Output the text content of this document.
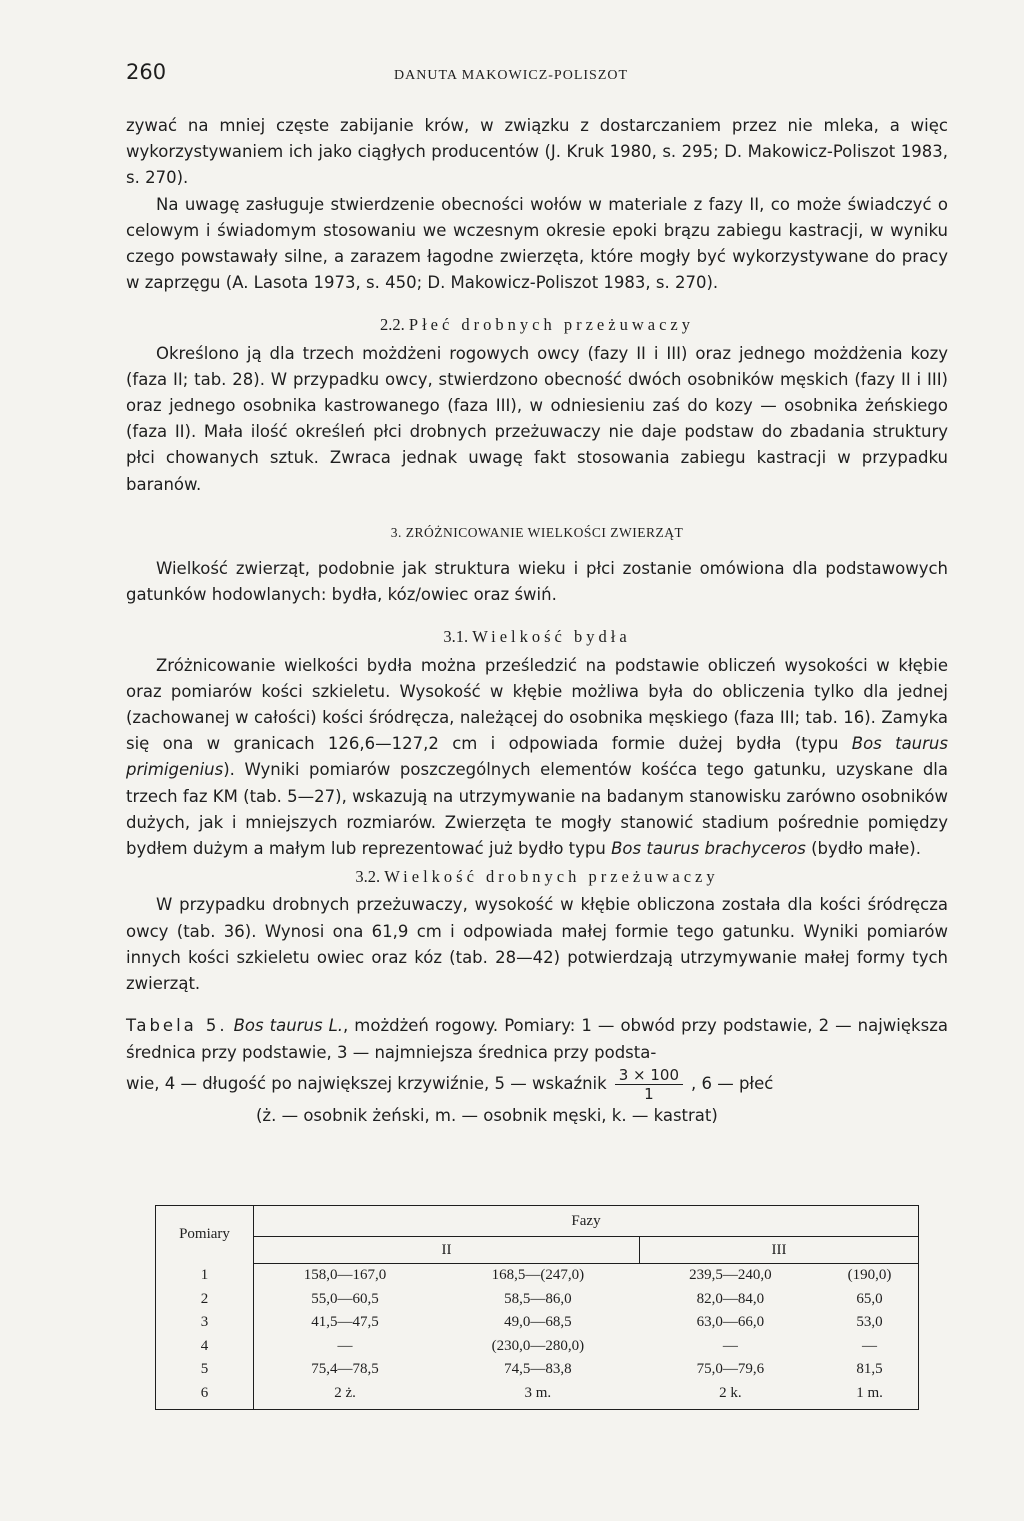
260	DANUTA MAKOWICZ-POLISZOT

zywać na mniej częste zabijanie krów, w związku z dostarczaniem przez nie mleka, a więc wykorzystywaniem ich jako ciągłych producentów (J. Kruk 1980, s. 295; D. Makowicz-Poliszot 1983, s. 270).

Na uwagę zasługuje stwierdzenie obecności wołów w materiale z fazy II, co może świadczyć o celowym i świadomym stosowaniu we wczesnym okresie epoki brązu zabiegu kastracji, w wyniku czego powstawały silne, a zarazem łagodne zwierzęta, które mogły być wykorzystywane do pracy w zaprzęgu (A. Lasota 1973, s. 450; D. Makowicz-Poliszot 1983, s. 270).

2.2. Płeć drobnych przeżuwaczy

Określono ją dla trzech możdżeni rogowych owcy (fazy II i III) oraz jednego możdżenia kozy (faza II; tab. 28). W przypadku owcy, stwierdzono obecność dwóch osobników męskich (fazy II i III) oraz jednego osobnika kastrowanego (faza III), w odniesieniu zaś do kozy — osobnika żeńskiego (faza II). Mała ilość określeń płci drobnych przeżuwaczy nie daje podstaw do zbadania struktury płci chowanych sztuk. Zwraca jednak uwagę fakt stosowania zabiegu kastracji w przypadku baranów.

3. ZRÓŻNICOWANIE WIELKOŚCI ZWIERZĄT

Wielkość zwierząt, podobnie jak struktura wieku i płci zostanie omówiona dla podstawowych gatunków hodowlanych: bydła, kóz/owiec oraz świń.

3.1. Wielkość bydła

Zróżnicowanie wielkości bydła można prześledzić na podstawie obliczeń wysokości w kłębie oraz pomiarów kości szkieletu. Wysokość w kłębie możliwa była do obliczenia tylko dla jednej (zachowanej w całości) kości śródręcza, należącej do osobnika męskiego (faza III; tab. 16). Zamyka się ona w granicach 126,6—127,2 cm i odpowiada formie dużej bydła (typu Bos taurus primigenius). Wyniki pomiarów poszczególnych elementów kośćca tego gatunku, uzyskane dla trzech faz KM (tab. 5—27), wskazują na utrzymywanie na badanym stanowisku zarówno osobników dużych, jak i mniejszych rozmiarów. Zwierzęta te mogły stanowić stadium pośrednie pomiędzy bydłem dużym a małym lub reprezentować już bydło typu Bos taurus brachyceros (bydło małe).

3.2. Wielkość drobnych przeżuwaczy

W przypadku drobnych przeżuwaczy, wysokość w kłębie obliczona została dla kości śródręcza owcy (tab. 36). Wynosi ona 61,9 cm i odpowiada małej formie tego gatunku. Wyniki pomiarów innych kości szkieletu owiec oraz kóz (tab. 28—42) potwierdzają utrzymywanie małej formy tych zwierząt.

Tabela 5. Bos taurus L., możdżeń rogowy. Pomiary: 1 — obwód przy podstawie, 2 — największa średnica przy podstawie, 3 — najmniejsza średnica przy podsta-

wie, 4 — długość po największej krzywiźnie, 5 — wskaźnik $\frac{3 \times 100}{1}$ , 6 — płeć

(ż. — osobnik żeński, m. — osobnik męski, k. — kastrat)

Pomiary	Fazy			
	II		III	
1	158,0—167,0	168,5—(247,0)	239,5—240,0	(190,0)
2	55,0—60,5	58,5—86,0	82,0—84,0	65,0
3	41,5—47,5	49,0—68,5	63,0—66,0	53,0
4	—	(230,0—280,0)	—	—
5	75,4—78,5	74,5—83,8	75,0—79,6	81,5
6	2 ż.	3 m.	2 k.	1 m.
